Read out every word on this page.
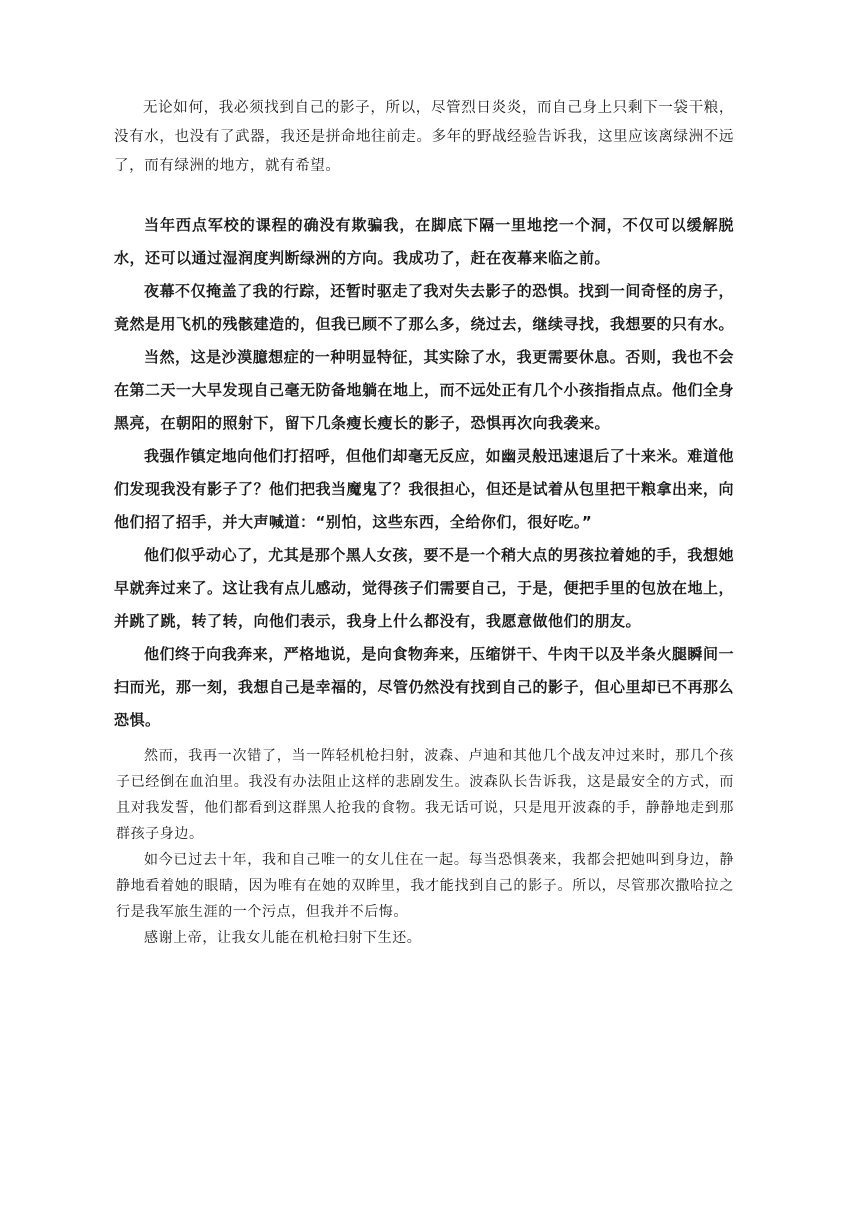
无论如何，我必须找到自己的影子，所以，尽管烈日炎炎，而自己身上只剩下一袋干粮，没有水，也没有了武器，我还是拼命地往前走。多年的野战经验告诉我，这里应该离绿洲不远了，而有绿洲的地方，就有希望。

当年西点军校的课程的确没有欺骗我，在脚底下隔一里地挖一个洞，不仅可以缓解脱水，还可以通过湿润度判断绿洲的方向。我成功了，赶在夜幕来临之前。

夜幕不仅掩盖了我的行踪，还暂时驱走了我对失去影子的恐惧。找到一间奇怪的房子，竟然是用飞机的残骸建造的，但我已顾不了那么多，绕过去，继续寻找，我想要的只有水。

当然，这是沙漠臆想症的一种明显特征，其实除了水，我更需要休息。否则，我也不会在第二天一大早发现自己毫无防备地躺在地上，而不远处正有几个小孩指指点点。他们全身黑亮，在朝阳的照射下，留下几条瘦长瘦长的影子，恐惧再次向我袭来。

我强作镇定地向他们打招呼，但他们却毫无反应，如幽灵般迅速退后了十来米。难道他们发现我没有影子了？他们把我当魔鬼了？我很担心，但还是试着从包里把干粮拿出来，向他们招了招手，并大声喊道：“别怕，这些东西，全给你们，很好吃。”

他们似乎动心了，尤其是那个黑人女孩，要不是一个稍大点的男孩拉着她的手，我想她早就奔过来了。这让我有点儿感动，觉得孩子们需要自己，于是，便把手里的包放在地上，并跳了跳，转了转，向他们表示，我身上什么都没有，我愿意做他们的朋友。

他们终于向我奔来，严格地说，是向食物奔来，压缩饼干、牛肉干以及半条火腿瞬间一扫而光，那一刻，我想自己是幸福的，尽管仍然没有找到自己的影子，但心里却已不再那么恐惧。

然而，我再一次错了，当一阵轻机枪扫射，波森、卢迪和其他几个战友冲过来时，那几个孩子已经倒在血泊里。我没有办法阻止这样的悲剧发生。波森队长告诉我，这是最安全的方式，而且对我发誓，他们都看到这群黑人抢我的食物。我无话可说，只是甩开波森的手，静静地走到那群孩子身边。

如今已过去十年，我和自己唯一的女儿住在一起。每当恐惧袭来，我都会把她叫到身边，静静地看着她的眼睛，因为唯有在她的双眸里，我才能找到自己的影子。所以，尽管那次撒哈拉之行是我军旅生涯的一个污点，但我并不后悔。

感谢上帝，让我女儿能在机枪扫射下生还。
